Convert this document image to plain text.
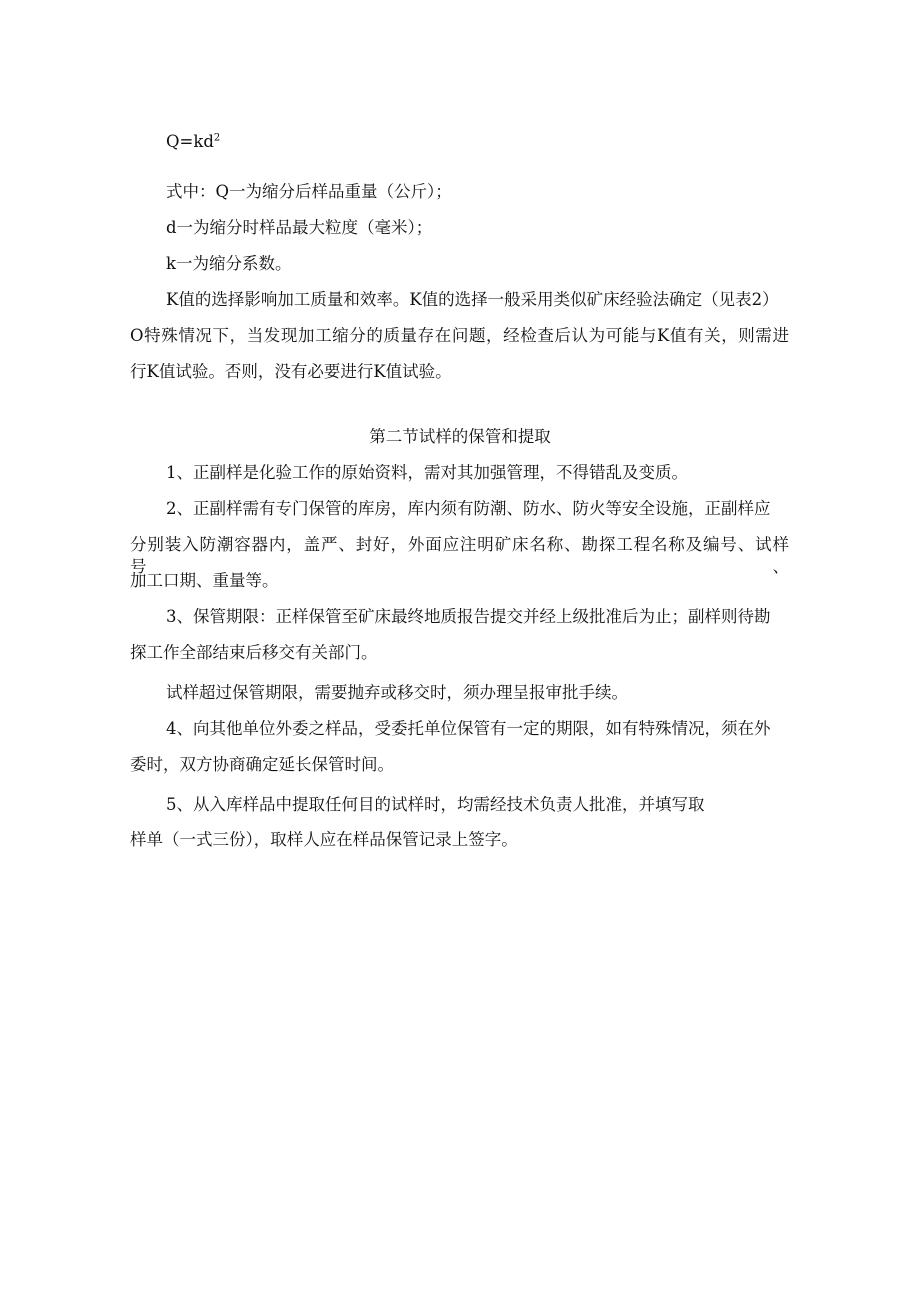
$Q=kd^2$

式中：Q一为缩分后样品重量（公斤）；

d一为缩分时样品最大粒度（毫米）；

k一为缩分系数。

K值的选择影响加工质量和效率。K值的选择一般采用类似矿床经验法确定（见表2）

O特殊情况下，当发现加工缩分的质量存在问题，经检查后认为可能与K值有关，则需进

行K值试验。否则，没有必要进行K值试验。

第二节试样的保管和提取

1、正副样是化验工作的原始资料，需对其加强管理，不得错乱及变质。

2、正副样需有专门保管的库房，库内须有防潮、防水、防火等安全设施，正副样应

分别装入防潮容器内，盖严、封好，外面应注明矿床名称、勘探工程名称及编号、试样号、

加工口期、重量等。

3、保管期限：正样保管至矿床最终地质报告提交并经上级批准后为止；副样则待勘

探工作全部结束后移交有关部门。

试样超过保管期限，需要抛弃或移交时，须办理呈报审批手续。

4、向其他单位外委之样品，受委托单位保管有一定的期限，如有特殊情况，须在外

委时，双方协商确定延长保管时间。

5、从入库样品中提取任何目的试样时，均需经技术负责人批准，并填写取

样单（一式三份），取样人应在样品保管记录上签字。
